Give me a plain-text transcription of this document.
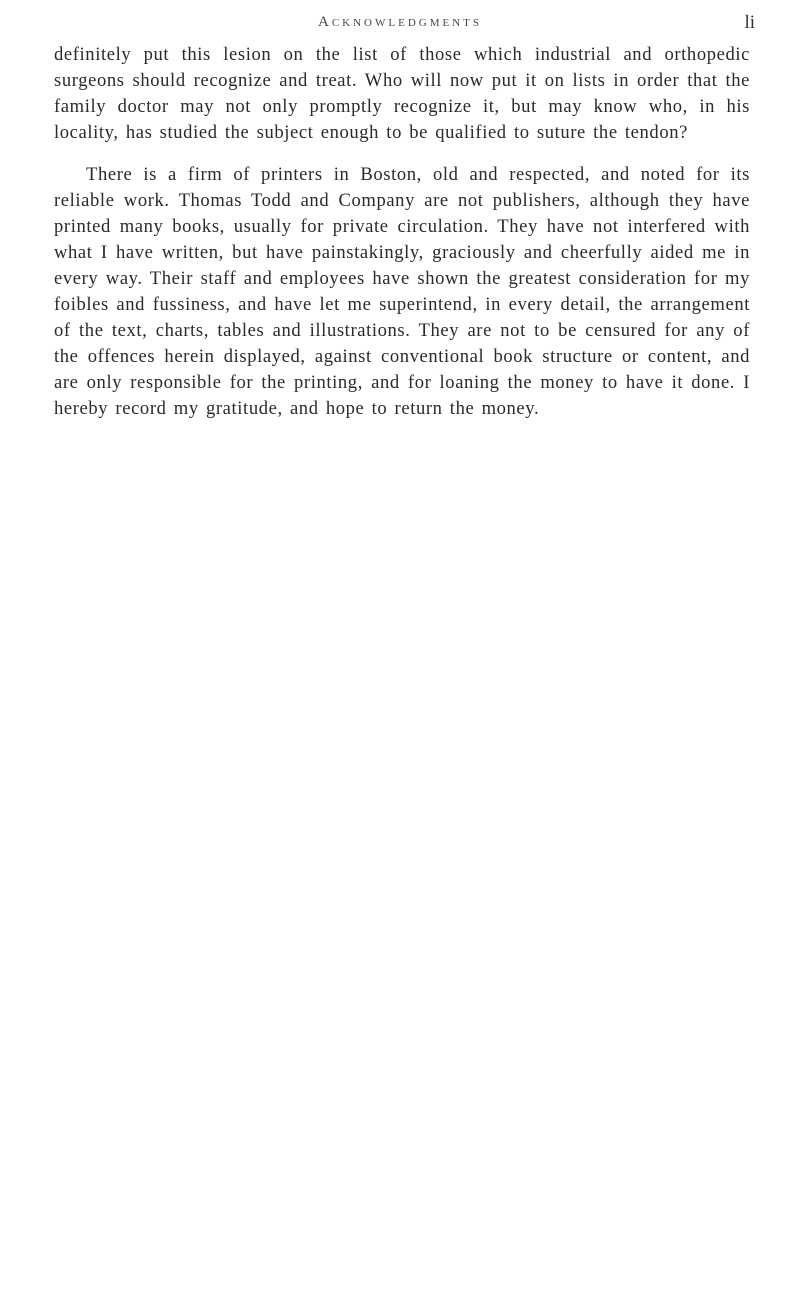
Acknowledgments	li

definitely put this lesion on the list of those which industrial and orthopedic surgeons should recognize and treat. Who will now put it on lists in order that the family doctor may not only promptly recognize it, but may know who, in his locality, has studied the subject enough to be qualified to suture the tendon?

There is a firm of printers in Boston, old and respected, and noted for its reliable work. Thomas Todd and Company are not publishers, although they have printed many books, usually for private circulation. They have not interfered with what I have written, but have painstakingly, graciously and cheerfully aided me in every way. Their staff and employees have shown the greatest consideration for my foibles and fussiness, and have let me superintend, in every detail, the arrangement of the text, charts, tables and illustrations. They are not to be censured for any of the offences herein displayed, against conventional book structure or content, and are only responsible for the printing, and for loaning the money to have it done. I hereby record my gratitude, and hope to return the money.
